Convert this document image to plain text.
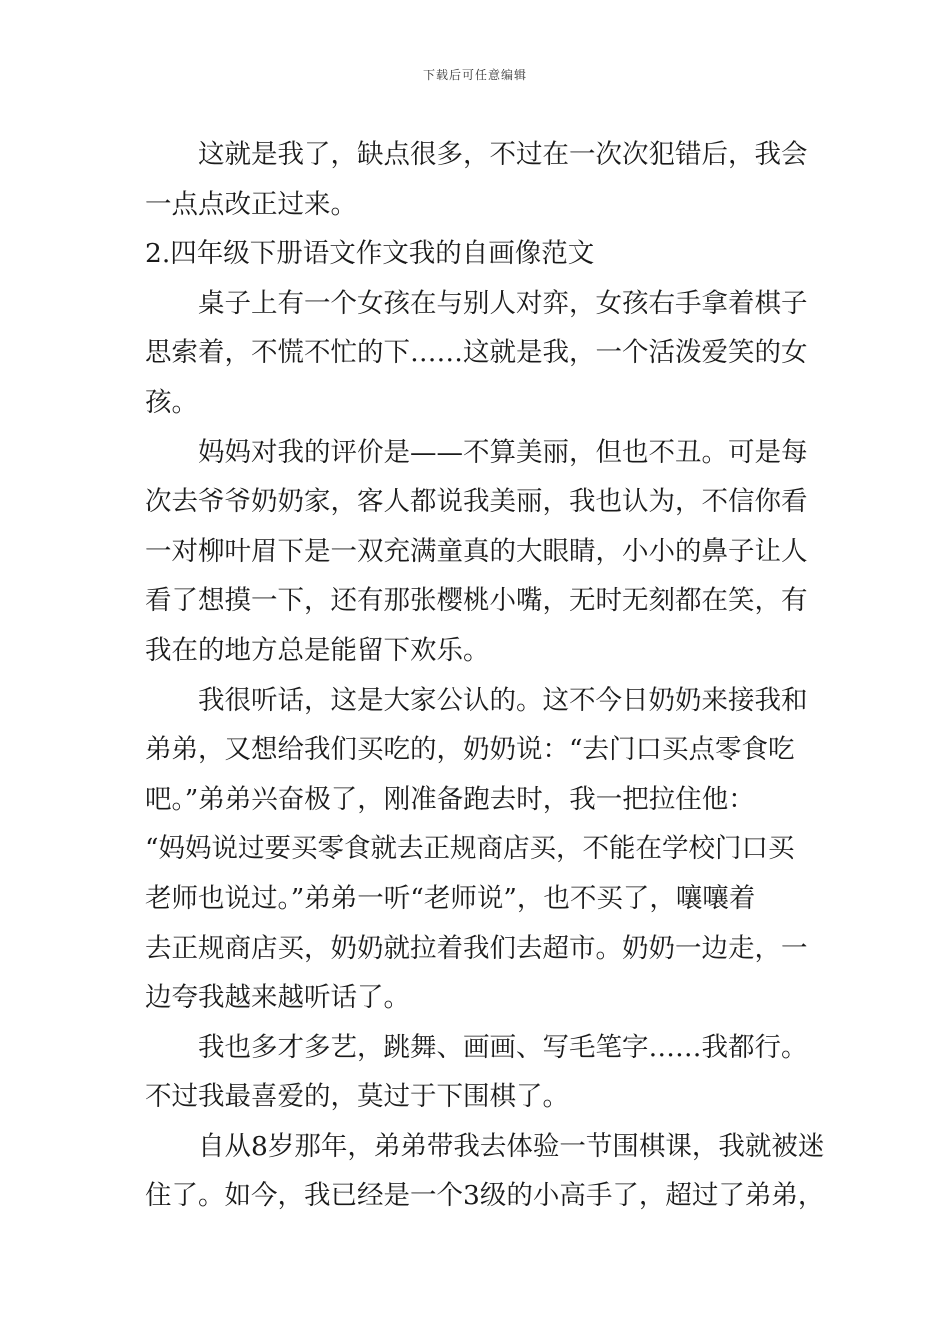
下载后可任意编辑

这就是我了，缺点很多，不过在一次次犯错后，我会
一点点改正过来。

2.四年级下册语文作文我的自画像范文

桌子上有一个女孩在与别人对弈，女孩右手拿着棋子
思索着，不慌不忙的下……这就是我，一个活泼爱笑的女
孩。

妈妈对我的评价是——不算美丽，但也不丑。可是每
次去爷爷奶奶家，客人都说我美丽，我也认为，不信你看
一对柳叶眉下是一双充满童真的大眼睛，小小的鼻子让人
看了想摸一下，还有那张樱桃小嘴，无时无刻都在笑，有
我在的地方总是能留下欢乐。

我很听话，这是大家公认的。这不今日奶奶来接我和
弟弟，又想给我们买吃的，奶奶说：“去门口买点零食吃
吧。”弟弟兴奋极了，刚准备跑去时，我一把拉住他：
“妈妈说过要买零食就去正规商店买，不能在学校门口买
老师也说过。”弟弟一听“老师说”，也不买了，嚷嚷着
去正规商店买，奶奶就拉着我们去超市。奶奶一边走，一
边夸我越来越听话了。

我也多才多艺，跳舞、画画、写毛笔字……我都行。
不过我最喜爱的，莫过于下围棋了。

自从8岁那年，弟弟带我去体验一节围棋课，我就被迷
住了。如今，我已经是一个3级的小高手了，超过了弟弟，
